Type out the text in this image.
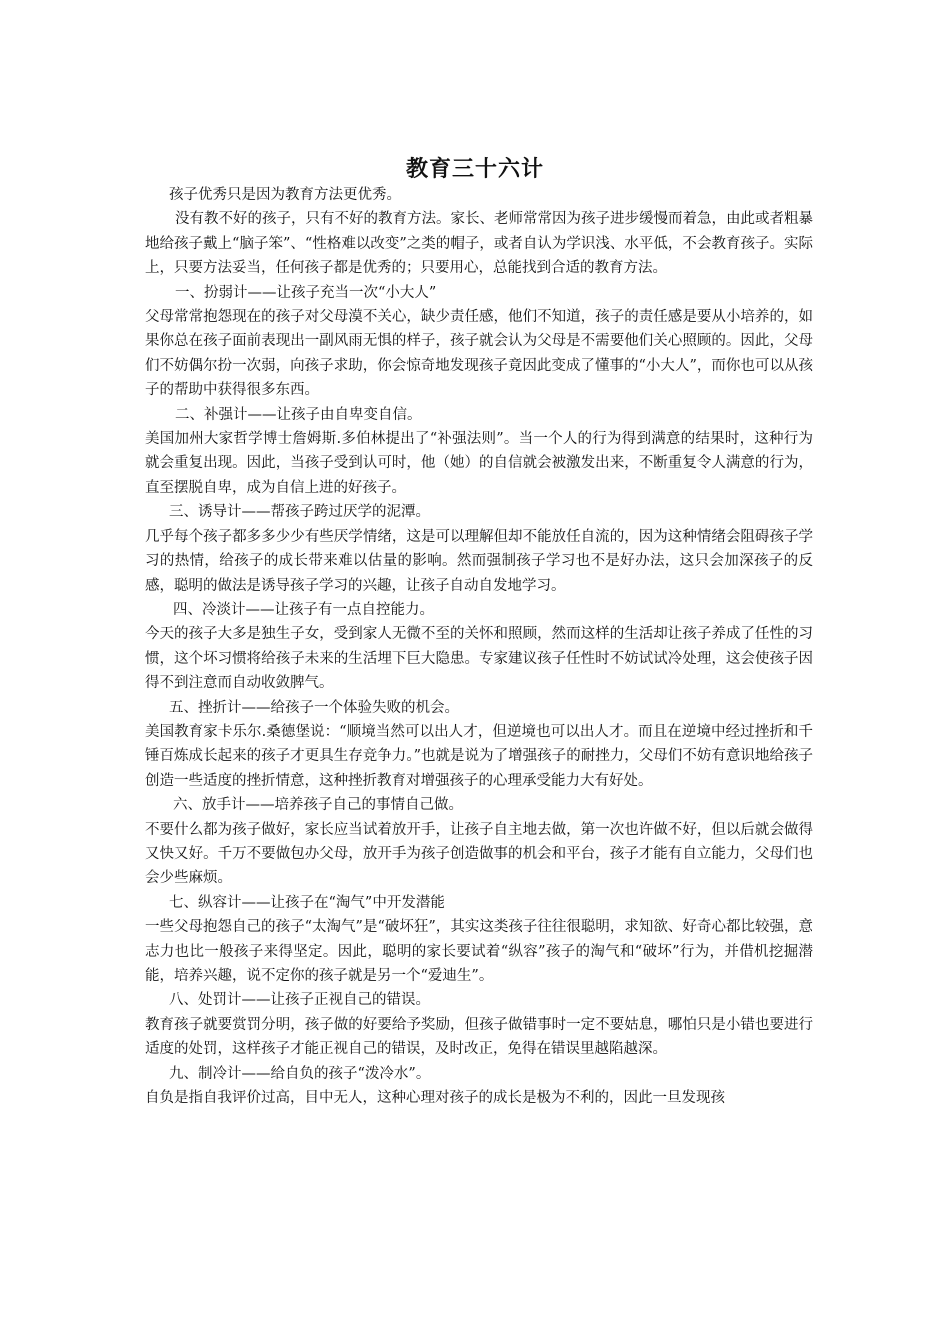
教育三十六计

孩子优秀只是因为教育方法更优秀。

没有教不好的孩子，只有不好的教育方法。家长、老师常常因为孩子进步缓慢而着急，由此或者粗暴地给孩子戴上“脑子笨”、“性格难以改变”之类的帽子，或者自认为学识浅、水平低，不会教育孩子。实际上，只要方法妥当，任何孩子都是优秀的；只要用心，总能找到合适的教育方法。

一、扮弱计——让孩子充当一次“小大人”

父母常常抱怨现在的孩子对父母漠不关心，缺少责任感，他们不知道，孩子的责任感是要从小培养的，如果你总在孩子面前表现出一副风雨无惧的样子，孩子就会认为父母是不需要他们关心照顾的。因此，父母们不妨偶尔扮一次弱，向孩子求助，你会惊奇地发现孩子竟因此变成了懂事的“小大人”，而你也可以从孩子的帮助中获得很多东西。

二、补强计——让孩子由自卑变自信。

美国加州大家哲学博士詹姆斯.多伯林提出了“补强法则”。当一个人的行为得到满意的结果时，这种行为就会重复出现。因此，当孩子受到认可时，他（她）的自信就会被激发出来，不断重复令人满意的行为，直至摆脱自卑，成为自信上进的好孩子。

三、诱导计——帮孩子跨过厌学的泥潭。

几乎每个孩子都多多少少有些厌学情绪，这是可以理解但却不能放任自流的，因为这种情绪会阻碍孩子学习的热情，给孩子的成长带来难以估量的影响。然而强制孩子学习也不是好办法，这只会加深孩子的反感，聪明的做法是诱导孩子学习的兴趣，让孩子自动自发地学习。

四、冷淡计——让孩子有一点自控能力。

今天的孩子大多是独生子女，受到家人无微不至的关怀和照顾，然而这样的生活却让孩子养成了任性的习惯，这个坏习惯将给孩子未来的生活埋下巨大隐患。专家建议孩子任性时不妨试试冷处理，这会使孩子因得不到注意而自动收敛脾气。

五、挫折计——给孩子一个体验失败的机会。

美国教育家卡乐尔.桑德堡说：“顺境当然可以出人才，但逆境也可以出人才。而且在逆境中经过挫折和千锤百炼成长起来的孩子才更具生存竞争力。”也就是说为了增强孩子的耐挫力，父母们不妨有意识地给孩子创造一些适度的挫折情意，这种挫折教育对增强孩子的心理承受能力大有好处。

六、放手计——培养孩子自己的事情自己做。

不要什么都为孩子做好，家长应当试着放开手，让孩子自主地去做，第一次也许做不好，但以后就会做得又快又好。千万不要做包办父母，放开手为孩子创造做事的机会和平台，孩子才能有自立能力，父母们也会少些麻烦。

七、纵容计——让孩子在“淘气”中开发潜能

一些父母抱怨自己的孩子“太淘气”是“破坏狂”，其实这类孩子往往很聪明，求知欲、好奇心都比较强，意志力也比一般孩子来得坚定。因此，聪明的家长要试着“纵容”孩子的淘气和“破坏”行为，并借机挖掘潜能，培养兴趣，说不定你的孩子就是另一个“爱迪生”。

八、处罚计——让孩子正视自己的错误。

教育孩子就要赏罚分明，孩子做的好要给予奖励，但孩子做错事时一定不要姑息，哪怕只是小错也要进行适度的处罚，这样孩子才能正视自己的错误，及时改正，免得在错误里越陷越深。

九、制冷计——给自负的孩子“泼冷水”。

自负是指自我评价过高，目中无人，这种心理对孩子的成长是极为不利的，因此一旦发现孩
